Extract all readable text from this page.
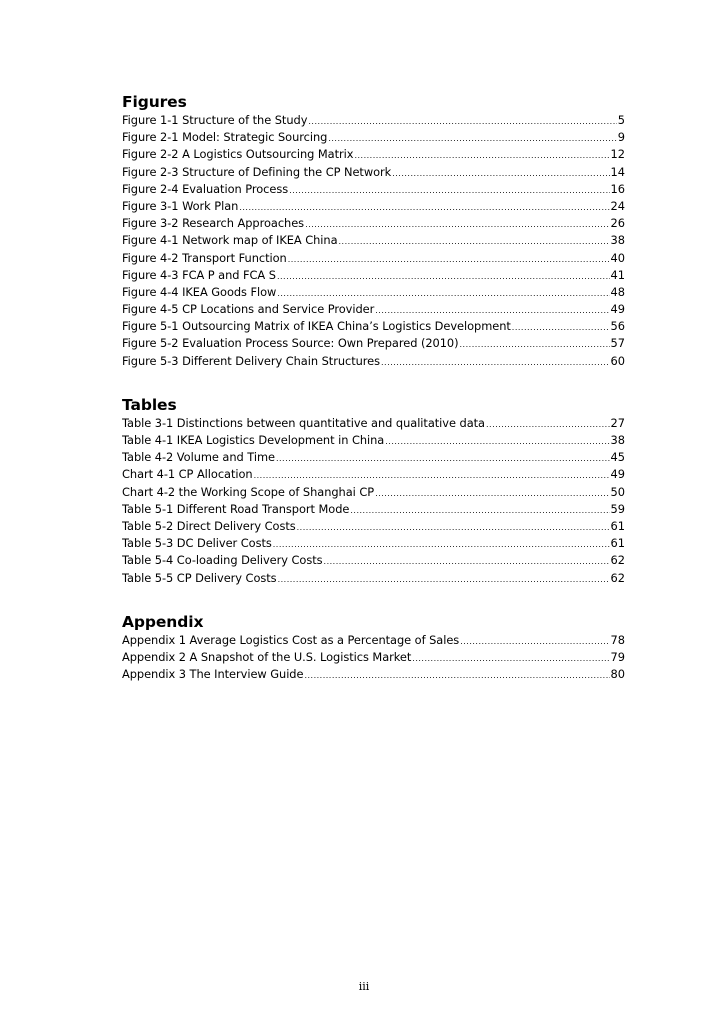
Figures
Figure 1-1 Structure of the Study .....	5
Figure 2-1 Model: Strategic Sourcing .....	9
Figure 2-2 A Logistics Outsourcing Matrix .....	12
Figure 2-3 Structure of Defining the CP Network .....	14
Figure 2-4 Evaluation Process .....	16
Figure 3-1 Work Plan .....	24
Figure 3-2 Research Approaches .....	26
Figure 4-1 Network map of IKEA China .....	38
Figure 4-2 Transport Function .....	40
Figure 4-3 FCA P and FCA S .....	41
Figure 4-4 IKEA Goods Flow .....	48
Figure 4-5 CP Locations and Service Provider .....	49
Figure 5-1 Outsourcing Matrix of IKEA China’s Logistics Development .....	56
Figure 5-2 Evaluation Process Source: Own Prepared (2010) .....	57
Figure 5-3 Different Delivery Chain Structures .....	60
Tables
Table 3-1 Distinctions between quantitative and qualitative data .....	27
Table 4-1 IKEA Logistics Development in China .....	38
Table 4-2 Volume and Time .....	45
Chart 4-1 CP Allocation .....	49
Chart 4-2 the Working Scope of Shanghai CP .....	50
Table 5-1 Different Road Transport Mode .....	59
Table 5-2 Direct Delivery Costs .....	61
Table 5-3 DC Deliver Costs .....	61
Table 5-4 Co-loading Delivery Costs .....	62
Table 5-5 CP Delivery Costs .....	62
Appendix
Appendix 1 Average Logistics Cost as a Percentage of Sales .....	78
Appendix 2 A Snapshot of the U.S. Logistics Market .....	79
Appendix 3 The Interview Guide .....	80
iii
